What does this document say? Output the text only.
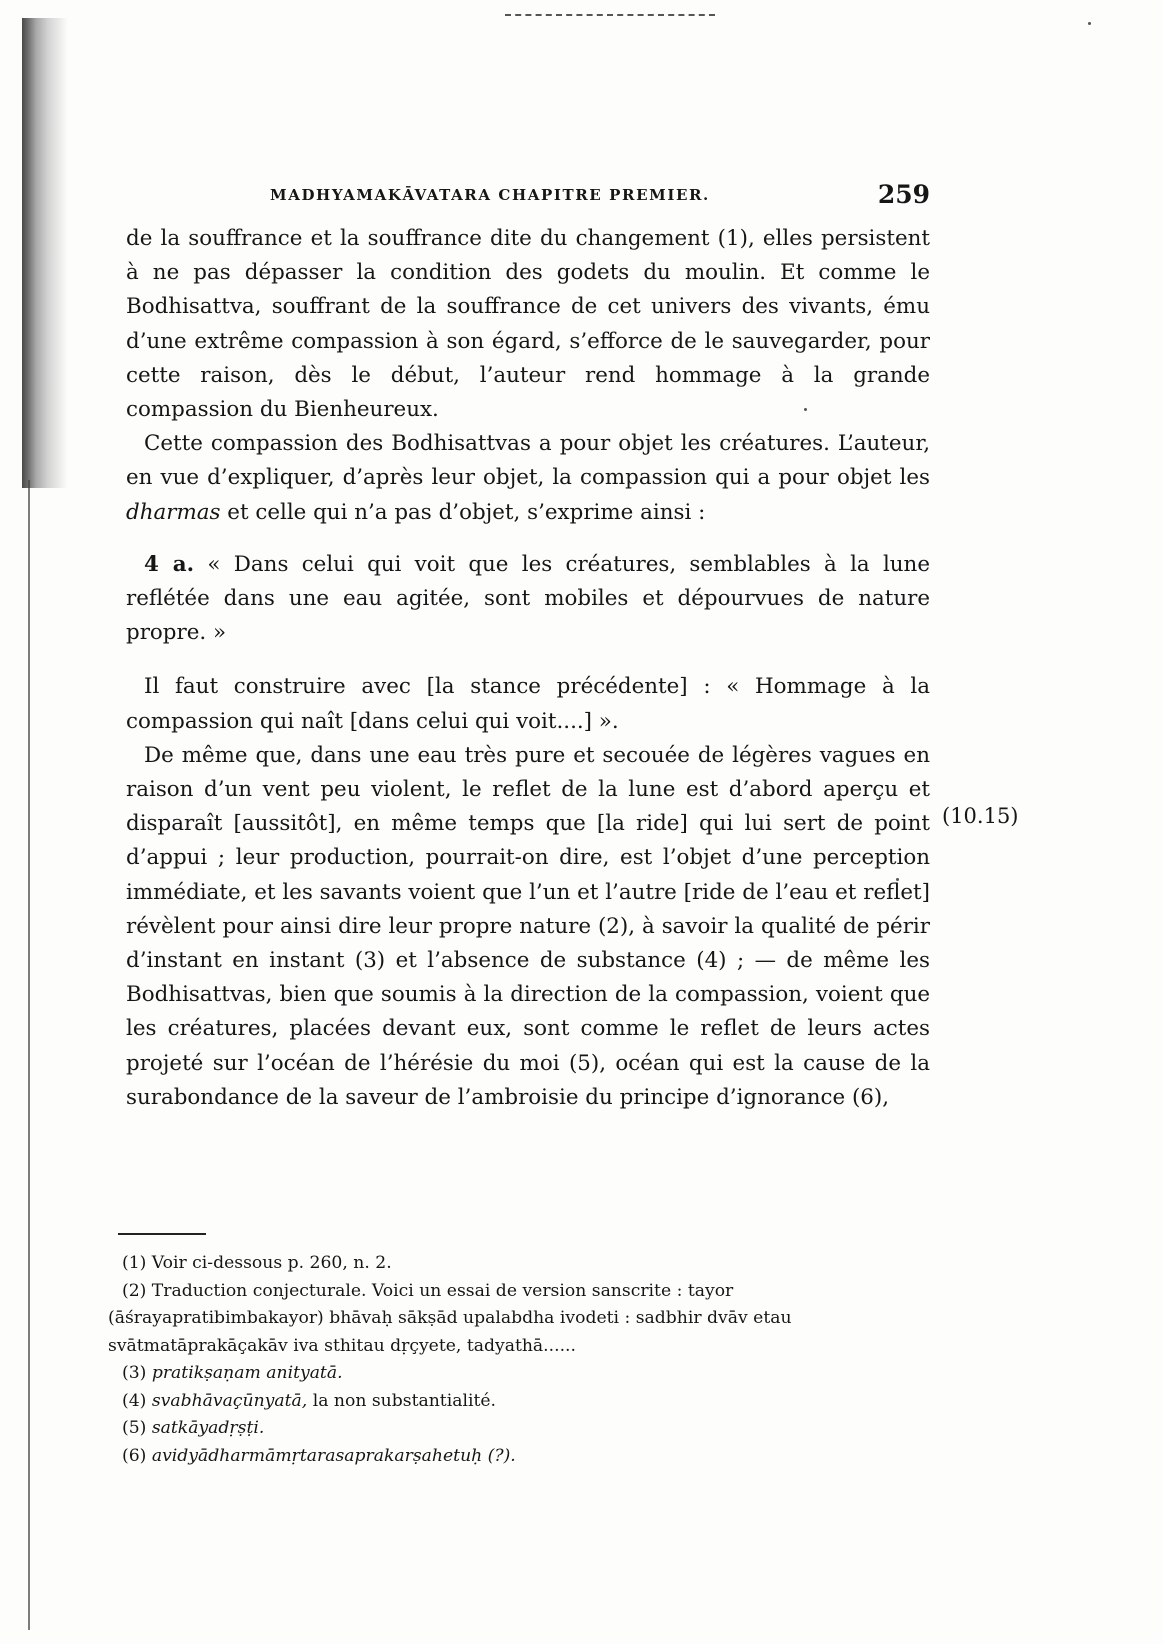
MADHYAMAKĀVATARA CHAPITRE PREMIER.	259

de la souffrance et la souffrance dite du changement (1), elles persistent à ne pas dépasser la condition des godets du moulin. Et comme le Bodhisattva, souffrant de la souffrance de cet univers des vivants, ému d’une extrême compassion à son égard, s’efforce de le sauvegarder, pour cette raison, dès le début, l’auteur rend hommage à la grande compassion du Bienheureux.

Cette compassion des Bodhisattvas a pour objet les créatures. L’auteur, en vue d’expliquer, d’après leur objet, la compassion qui a pour objet les dharmas et celle qui n’a pas d’objet, s’exprime ainsi :

4 a. « Dans celui qui voit que les créatures, semblables à la lune reflétée dans une eau agitée, sont mobiles et dépourvues de nature propre. »

Il faut construire avec [la stance précédente] : « Hommage à la compassion qui naît [dans celui qui voit....] ».

De même que, dans une eau très pure et secouée de légères vagues en raison d’un vent peu violent, le reflet de la lune est d’abord aperçu et disparaît [aussitôt], en même temps que [la ride] qui lui sert de point d’appui ; leur production, pourrait-on dire, est l’objet d’une perception immédiate, et les savants voient que l’un et l’autre [ride de l’eau et reflet] révèlent pour ainsi dire leur propre nature (2), à savoir la qualité de périr d’instant en instant (3) et l’absence de substance (4) ; — de même les Bodhisattvas, bien que soumis à la direction de la compassion, voient que les créatures, placées devant eux, sont comme le reflet de leurs actes projeté sur l’océan de l’hérésie du moi (5), océan qui est la cause de la surabondance de la saveur de l’ambroisie du principe d’ignorance (6),

(10.15)

(1) Voir ci-dessous p. 260, n. 2.

(2) Traduction conjecturale. Voici un essai de version sanscrite : tayor (āśrayapratibimbakayor) bhāvaḥ sākṣād upalabdha ivodeti : sadbhir dvāv etau svātmatāprakāçakāv iva sthitau dṛçyete, tadyathā......

(3) pratikṣaṇam anityatā.

(4) svabhāvaçūnyatā, la non substantialité.

(5) satkāyadṛṣṭi.

(6) avidyādharmāmṛtarasaprakarṣahetuḥ (?).
